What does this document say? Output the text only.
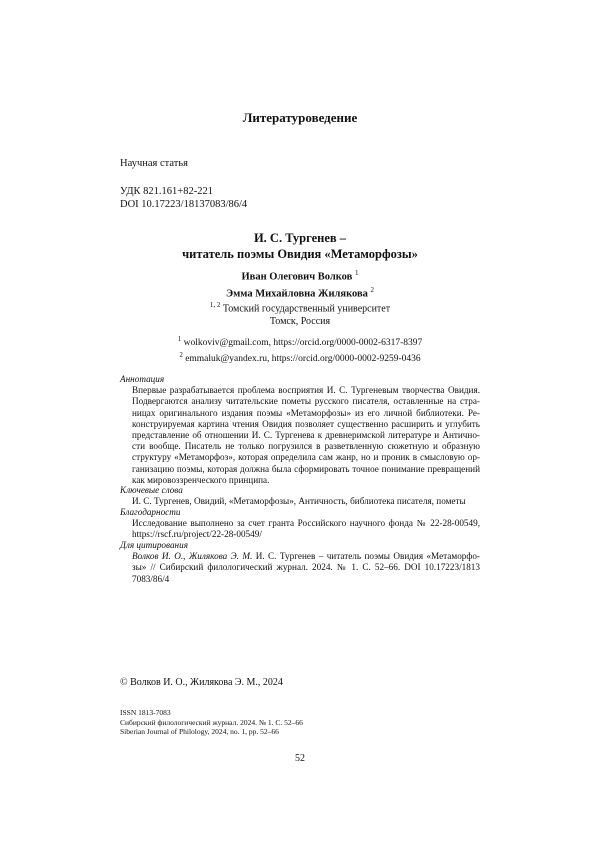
Литературоведение
Научная статья
УДК 821.161+82-221
DOI 10.17223/18137083/86/4
И. С. Тургенев –
читатель поэмы Овидия «Метаморфозы»
Иван Олегович Волков $^1$
Эмма Михайловна Жилякова $^2$
$^{1, 2}$ Томский государственный университет
Томск, Россия
$^1$ wolkoviv@gmail.com, https://orcid.org/0000-0002-6317-8397
$^2$ emmaluk@yandex.ru, https://orcid.org/0000-0002-9259-0436
Аннотация
Впервые разрабатывается проблема восприятия И. С. Тургеневым творчества Овидия.
Подвергаются анализу читательские пометы русского писателя, оставленные на стра-
ницах оригинального издания поэмы «Метаморфозы» из его личной библиотеки. Ре-
конструируемая картина чтения Овидия позволяет существенно расширить и углубить
представление об отношении И. С. Тургенева к древнеримской литературе и Антично-
сти вообще. Писатель не только погрузился в разветвленную сюжетную и образную
структуру «Метаморфоз», которая определила сам жанр, но и проник в смысловую ор-
ганизацию поэмы, которая должна была сформировать точное понимание превращений
как мировоззренческого принципа.
Ключевые слова
И. С. Тургенев, Овидий, «Метаморфозы», Античность, библиотека писателя, пометы
Благодарности
Исследование выполнено за счет гранта Российского научного фонда № 22-28-00549,
https://rscf.ru/project/22-28-00549/
Для цитирования
Волков И. О., Жилякова Э. М. И. С. Тургенев – читатель поэмы Овидия «Метаморфо-
зы» // Сибирский филологический журнал. 2024. № 1. С. 52–66. DOI 10.17223/1813
7083/86/4
© Волков И. О., Жилякова Э. М., 2024
ISSN 1813-7083
Сибирский филологический журнал. 2024. № 1. С. 52–66
Siberian Journal of Philology, 2024, no. 1, pp. 52–66
52
